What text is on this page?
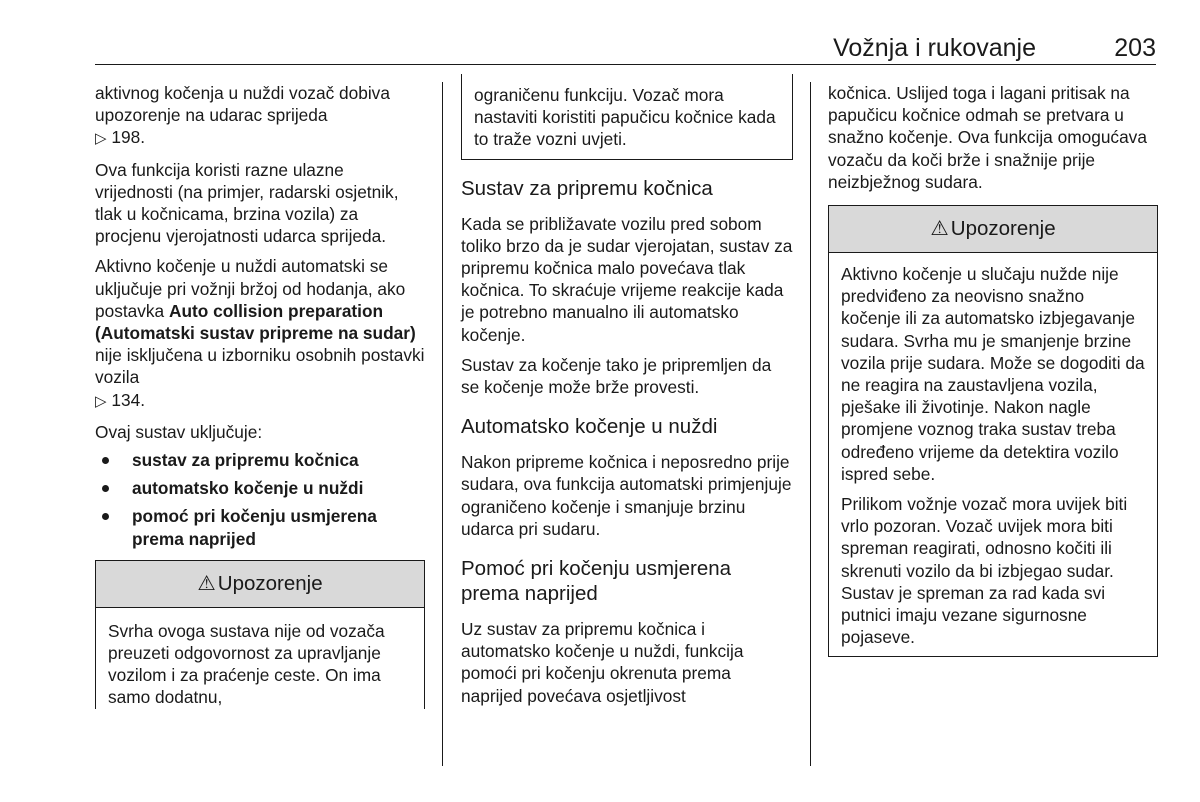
Vožnja i rukovanje	203

aktivnog kočenja u nuždi vozač dobiva upozorenje na udarac sprijeda
▷ 198.

Ova funkcija koristi razne ulazne vrijednosti (na primjer, radarski osjetnik, tlak u kočnicama, brzina vozila) za procjenu vjerojatnosti udarca sprijeda.

Aktivno kočenje u nuždi automatski se uključuje pri vožnji bržoj od hodanja, ako postavka Auto collision preparation (Automatski sustav pripreme na sudar) nije isključena u izborniku osobnih postavki vozila
▷ 134.

Ovaj sustav uključuje:

sustav za pripremu kočnica
automatsko kočenje u nuždi
pomoć pri kočenju usmjerena prema naprijed
⚠ Upozorenje
Svrha ovoga sustava nije od vozača preuzeti odgovornost za upravljanje vozilom i za praćenje ceste. On ima samo dodatnu,
ograničenu funkciju. Vozač mora nastaviti koristiti papučicu kočnice kada to traže vozni uvjeti.
Sustav za pripremu kočnica

Kada se približavate vozilu pred sobom toliko brzo da je sudar vjerojatan, sustav za pripremu kočnica malo povećava tlak kočnica. To skraćuje vrijeme reakcije kada je potrebno manualno ili automatsko kočenje.

Sustav za kočenje tako je pripremljen da se kočenje može brže provesti.

Automatsko kočenje u nuždi

Nakon pripreme kočnica i neposredno prije sudara, ova funkcija automatski primjenjuje ograničeno kočenje i smanjuje brzinu udarca pri sudaru.

Pomoć pri kočenju usmjerena prema naprijed

Uz sustav za pripremu kočnica i automatsko kočenje u nuždi, funkcija pomoći pri kočenju okrenuta prema naprijed povećava osjetljivost

kočnica. Uslijed toga i lagani pritisak na papučicu kočnice odmah se pretvara u snažno kočenje. Ova funkcija omogućava vozaču da koči brže i snažnije prije neizbježnog sudara.

⚠ Upozorenje

Aktivno kočenje u slučaju nužde nije predviđeno za neovisno snažno kočenje ili za automatsko izbjegavanje sudara. Svrha mu je smanjenje brzine vozila prije sudara. Može se dogoditi da ne reagira na zaustavljena vozila, pješake ili životinje. Nakon nagle promjene voznog traka sustav treba određeno vrijeme da detektira vozilo ispred sebe.

Prilikom vožnje vozač mora uvijek biti vrlo pozoran. Vozač uvijek mora biti spreman reagirati, odnosno kočiti ili skrenuti vozilo da bi izbjegao sudar. Sustav je spreman za rad kada svi putnici imaju vezane sigurnosne pojaseve.
